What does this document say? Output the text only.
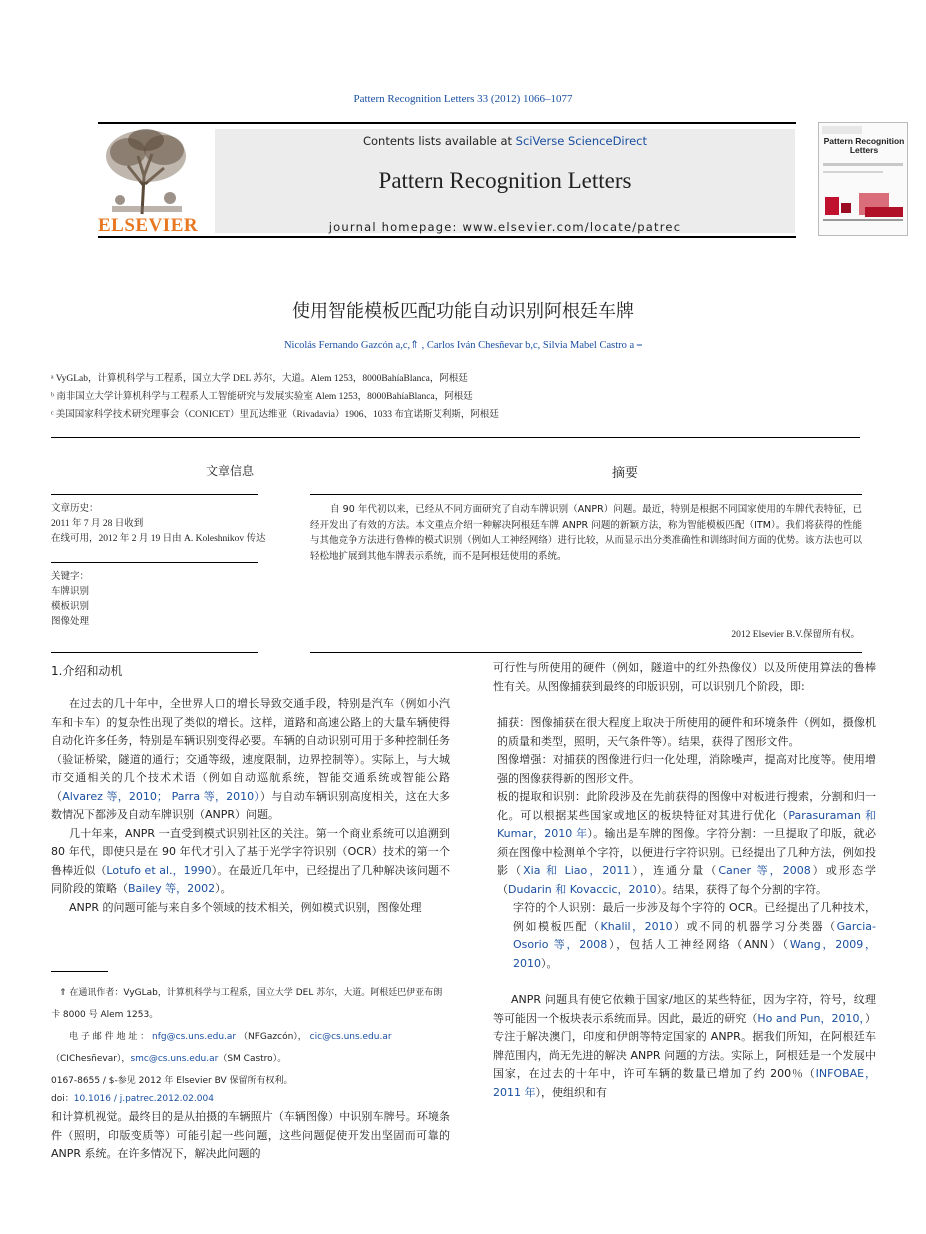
Pattern Recognition Letters 33 (2012) 1066–1077
ELSEVIER
Contents lists available at SciVerse ScienceDirect
Pattern Recognition Letters
journal homepage: www.elsevier.com/locate/patrec
Pattern Recognition Letters
使用智能模板匹配功能自动识别阿根廷车牌
Nicolás Fernando Gazcón a,c,⇑ , Carlos Iván Chesñevar b,c, Silvia Mabel Castro a ⎯
ᵃ VyGLab，计算机科学与工程系，国立大学 DEL 苏尔，大道。Alem 1253，8000BahíaBlanca，阿根廷
ᵇ 南非国立大学计算机科学与工程系人工智能研究与发展实验室 Alem 1253，8000BahíaBlanca，阿根廷
ᶜ 美国国家科学技术研究理事会（CONICET）里瓦达维亚（Rivadavia）1906、1033 布宜诺斯艾利斯，阿根廷
文章信息
文章历史：
2011 年 7 月 28 日收到
在线可用，2012 年 2 月 19 日由 A. Koleshnikov 传达
关键字：
车牌识别
模板识别
图像处理
摘要
自 90 年代初以来，已经从不同方面研究了自动车牌识别（ANPR）问题。最近，特别是根据不同国家使用的车牌代表特征，已经开发出了有效的方法。本文重点介绍一种解决阿根廷车牌 ANPR 问题的新颖方法，称为智能模板匹配（ITM）。我们将获得的性能与其他竞争方法进行鲁棒的模式识别（例如人工神经网络）进行比较，从而显示出分类准确性和训练时间方面的优势。该方法也可以轻松地扩展到其他车牌表示系统，而不是阿根廷使用的系统。
2012 Elsevier B.V.保留所有权。
1.介绍和动机

在过去的几十年中，全世界人口的增长导致交通手段，特别是汽车（例如小汽车和卡车）的复杂性出现了类似的增长。这样，道路和高速公路上的大量车辆使得自动化许多任务，特别是车辆识别变得必要。车辆的自动识别可用于多种控制任务（验证桥梁，隧道的通行；交通等级，速度限制，边界控制等）。实际上，与大城市交通相关的几个技术术语（例如自动巡航系统，智能交通系统或智能公路（Alvarez 等，2010； Parra 等，2010））与自动车辆识别高度相关，这在大多数情况下都涉及自动车牌识别（ANPR）问题。

几十年来，ANPR 一直受到模式识别社区的关注。第一个商业系统可以追溯到 80 年代，即使只是在 90 年代才引入了基于光学字符识别（OCR）技术的第一个鲁棒近似（Lotufo et al.，1990）。在最近几年中，已经提出了几种解决该问题不同阶段的策略（Bailey 等，2002）。

ANPR 的问题可能与来自多个领域的技术相关，例如模式识别，图像处理

⇑ 在通讯作者：VyGLab，计算机科学与工程系，国立大学 DEL 苏尔，大道。阿根廷巴伊亚布朗卡 8000 号 Alem 1253。
电 子 邮 件 地 址 ： nfg@cs.uns.edu.ar （NFGazcón）， cic@cs.uns.edu.ar （CIChesñevar），smc@cs.uns.edu.ar（SM Castro）。
0167-8655 / $-参见 2012 年 Elsevier BV 保留所有权利。
doi：10.1016 / j.patrec.2012.02.004

和计算机视觉。最终目的是从拍摄的车辆照片（车辆图像）中识别车牌号。环境条件（照明，印版变质等）可能引起一些问题，这些问题促使开发出坚固而可靠的 ANPR 系统。在许多情况下，解决此问题的

可行性与所使用的硬件（例如，隧道中的红外热像仪）以及所使用算法的鲁棒性有关。从图像捕获到最终的印版识别，可以识别几个阶段，即:

捕获：图像捕获在很大程度上取决于所使用的硬件和环境条件（例如，摄像机的质量和类型，照明，天气条件等）。结果，获得了图形文件。

图像增强：对捕获的图像进行归一化处理，消除噪声，提高对比度等。使用增强的图像获得新的图形文件。

板的提取和识别：此阶段涉及在先前获得的图像中对板进行搜索，分割和归一化。可以根据某些国家或地区的板块特征对其进行优化（Parasuraman 和 Kumar，2010 年）。输出是车牌的图像。字符分割：一旦提取了印版，就必须在图像中检测单个字符，以便进行字符识别。已经提出了几种方法，例如投影（Xia 和 Liao，2011），连通分量（Caner 等，2008）或形态学（Dudarin 和 Kovaccic，2010）。结果，获得了每个分割的字符。

字符的个人识别：最后一步涉及每个字符的 OCR。已经提出了几种技术，例如模板匹配（Khalil，2010）或不同的机器学习分类器（Garcia-Osorio 等，2008），包括人工神经网络（ANN）（Wang，2009，2010）。

ANPR 问题具有使它依赖于国家/地区的某些特征，因为字符，符号，纹理等可能因一个板块表示系统而异。因此，最近的研究（Ho and Pun，2010，）专注于解决澳门，印度和伊朗等特定国家的 ANPR。据我们所知，在阿根廷车牌范围内，尚无先进的解决 ANPR 问题的方法。实际上，阿根廷是一个发展中国家，在过去的十年中，许可车辆的数量已增加了约 200％（INFOBAE，2011 年），使组织和有
